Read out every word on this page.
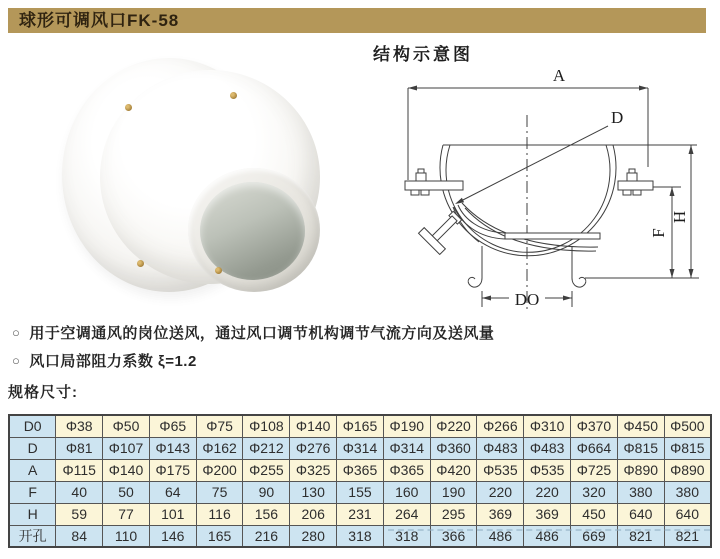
球形可调风口FK-58
结构示意图
A
D
DO
F
H
○ 用于空调通风的岗位送风，通过风口调节机构调节气流方向及送风量
○ 风口局部阻力系数 ξ=1.2
规格尺寸:
D0	Φ38	Φ50	Φ65	Φ75	Φ108	Φ140	Φ165	Φ190	Φ220	Φ266	Φ310	Φ370	Φ450	Φ500
D	Φ81	Φ107	Φ143	Φ162	Φ212	Φ276	Φ314	Φ314	Φ360	Φ483	Φ483	Φ664	Φ815	Φ815
A	Φ115	Φ140	Φ175	Φ200	Φ255	Φ325	Φ365	Φ365	Φ420	Φ535	Φ535	Φ725	Φ890	Φ890
F	40	50	64	75	90	130	155	160	190	220	220	320	380	380
H	59	77	101	116	156	206	231	264	295	369	369	450	640	640
开孔	84	110	146	165	216	280	318	318	366	486	486	669	821	821
